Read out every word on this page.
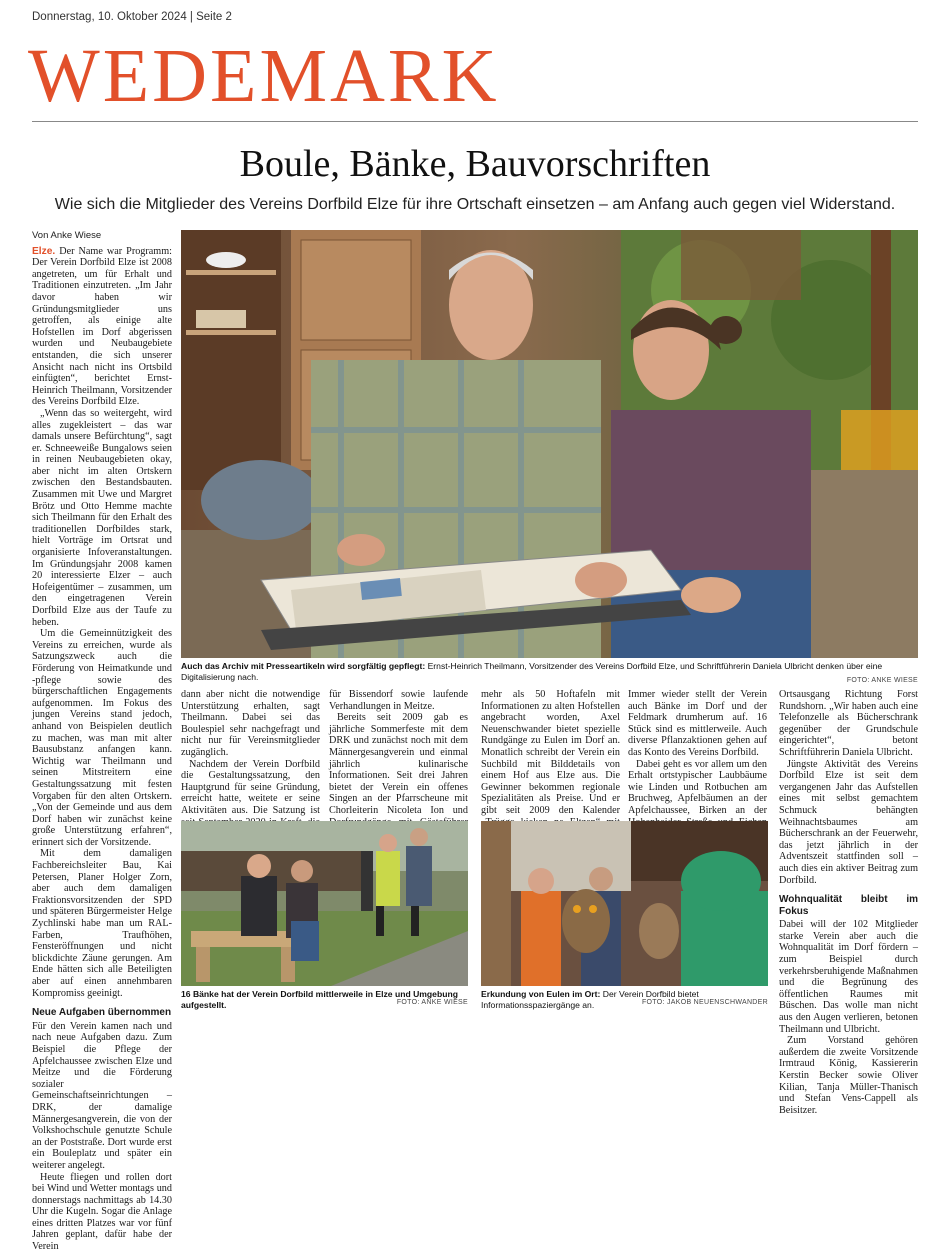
Donnerstag, 10. Oktober 2024 | Seite 2
WEDEMARK
Boule, Bänke, Bauvorschriften
Wie sich die Mitglieder des Vereins Dorfbild Elze für ihre Ortschaft einsetzen – am Anfang auch gegen viel Widerstand.

Von Anke Wiese

Elze. Der Name war Programm: Der Verein Dorfbild Elze ist 2008 angetreten, um für Erhalt und Traditionen einzutreten. „Im Jahr davor haben wir Gründungsmitglieder uns getroffen, als einige alte Hofstellen im Dorf abgerissen wurden und Neubaugebiete entstanden, die sich unserer Ansicht nach nicht ins Ortsbild einfügten“, berichtet Ernst-Heinrich Theilmann, Vorsitzender des Vereins Dorfbild Elze.

„Wenn das so weitergeht, wird alles zugekleistert – das war damals unsere Befürchtung“, sagt er. Schneeweiße Bungalows seien in reinen Neubaugebieten okay, aber nicht im alten Ortskern zwischen den Bestandsbauten. Zusammen mit Uwe und Margret Brötz und Otto Hemme machte sich Theilmann für den Erhalt des traditionellen Dorfbildes stark, hielt Vorträge im Ortsrat und organisierte Infoveranstaltungen. Im Gründungsjahr 2008 kamen 20 interessierte Elzer – auch Hofeigentümer – zusammen, um den eingetragenen Verein Dorfbild Elze aus der Taufe zu heben.

Um die Gemeinnützigkeit des Vereins zu erreichen, wurde als Satzungszweck auch die Förderung von Heimatkunde und -pflege sowie des bürgerschaftlichen Engagements aufgenommen. Im Fokus des jungen Vereins stand jedoch, anhand von Beispielen deutlich zu machen, was man mit alter Bausubstanz anfangen kann. Wichtig war Theilmann und seinen Mitstreitern eine Gestaltungssatzung mit festen Vorgaben für den alten Ortskern. „Von der Gemeinde und aus dem Dorf haben wir zunächst keine große Unterstützung erfahren“, erinnert sich der Vorsitzende.

Mit dem damaligen Fachbereichsleiter Bau, Kai Petersen, Planer Holger Zorn, aber auch dem damaligen Fraktionsvorsitzenden der SPD und späteren Bürgermeister Helge Zychlinski habe man um RAL-Farben, Traufhöhen, Fensteröffnungen und nicht blickdichte Zäune gerungen. Am Ende hätten sich alle Beteiligten aber auf einen annehmbaren Kompromiss geeinigt.

Neue Aufgaben übernommen

Für den Verein kamen nach und nach neue Aufgaben dazu. Zum Beispiel die Pflege der Apfelchaussee zwischen Elze und Meitze und die Förderung sozialer Gemeinschaftseinrichtungen – DRK, der damalige Männergesangverein, die von der Volkshochschule genutzte Schule an der Poststraße. Dort wurde erst ein Bouleplatz und später ein weiterer angelegt.

Heute fliegen und rollen dort bei Wind und Wetter montags und donnerstags nachmittags ab 14.30 Uhr die Kugeln. Sogar die Anlage eines dritten Platzes war vor fünf Jahren geplant, dafür habe der Verein

Auch das Archiv mit Presseartikeln wird sorgfältig gepflegt: Ernst-Heinrich Theilmann, Vorsitzender des Vereins Dorfbild Elze, und Schriftführerin Daniela Ulbricht denken über eine Digitalisierung nach.	FOTO: ANKE WIESE

dann aber nicht die notwendige Unterstützung erhalten, sagt Theilmann. Dabei sei das Boulespiel sehr nachgefragt und nicht nur für Vereinsmitglieder zugänglich.

Nachdem der Verein Dorfbild die Gestaltungssatzung, den Hauptgrund für seine Gründung, erreicht hatte, weitete er seine Aktivitäten aus. Die Satzung ist

für Bissendorf sowie laufende Verhandlungen in Meitze.

Bereits seit 2009 gab es jährliche Sommerfeste mit dem DRK und zunächst noch mit dem Männergesangverein und einmal jährlich kulinarische Informationen. Seit drei Jahren bietet der Verein ein offenes Singen an der Pfarrscheune mit Chorleiterin Nicoleta Ion und

mehr als 50 Hoftafeln mit Informationen zu alten Hofstellen angebracht worden, Axel Neuenschwander bietet spezielle Rundgänge zu Eulen im Dorf an. Monatlich schreibt der Verein ein Suchbild mit Bilddetails von einem Hof aus Elze aus. Die Gewinner bekommen regionale Spezialitäten als Preise. Und er gibt seit 2009 den Kalender

Immer wieder stellt der Verein auch Bänke im Dorf und der Feldmark drumherum auf. 16 Stück sind es mittlerweile. Auch diverse Pflanzaktionen gehen auf das Konto des Vereins Dorfbild.

Dabei geht es vor allem um den Erhalt ortstypischer Laubbäume wie Linden und Rotbuchen am Bruchweg, Apfelbäumen an der Apfelchaussee, Birken an der

Ortsausgang Richtung Forst Rundshorn. „Wir haben auch eine Telefonzelle als Bücherschrank gegenüber der Grundschule eingerichtet“, betont Schriftführerin Daniela Ulbricht.

Jüngste Aktivität des Vereins Dorfbild Elze ist seit dem vergangenen Jahr das Aufstellen eines mit selbst gemachtem Schmuck behängten Weihnachtsbaumes am Bücherschrank an der Feuerwehr, das jetzt jährlich in der Adventszeit stattfinden soll – auch dies ein aktiver Beitrag zum Dorfbild.

Wohnqualität bleibt im Fokus

Dabei will der 102 Mitglieder starke Verein aber auch die Wohnqualität im Dorf fördern – zum Beispiel durch verkehrsberuhigende Maßnahmen und die Begrünung des öffentlichen Raumes mit Büschen. Das wolle man nicht aus den Augen verlieren, betonen Theilmann und Ulbricht.

Zum Vorstand gehören außerdem die zweite Vorsitzende Irmtraud König, Kassiererin Kerstin Becker sowie Oliver Kilian, Tanja Müller-Thanisch und Stefan Vens-Cappell als Beisitzer.

16 Bänke hat der Verein Dorfbild mittlerweile in Elze und Umgebung aufgestellt.	FOTO: ANKE WIESE
Erkundung von Eulen im Ort: Der Verein Dorfbild bietet Informationsspaziergänge an.	FOTO: JAKOB NEUENSCHWANDER
